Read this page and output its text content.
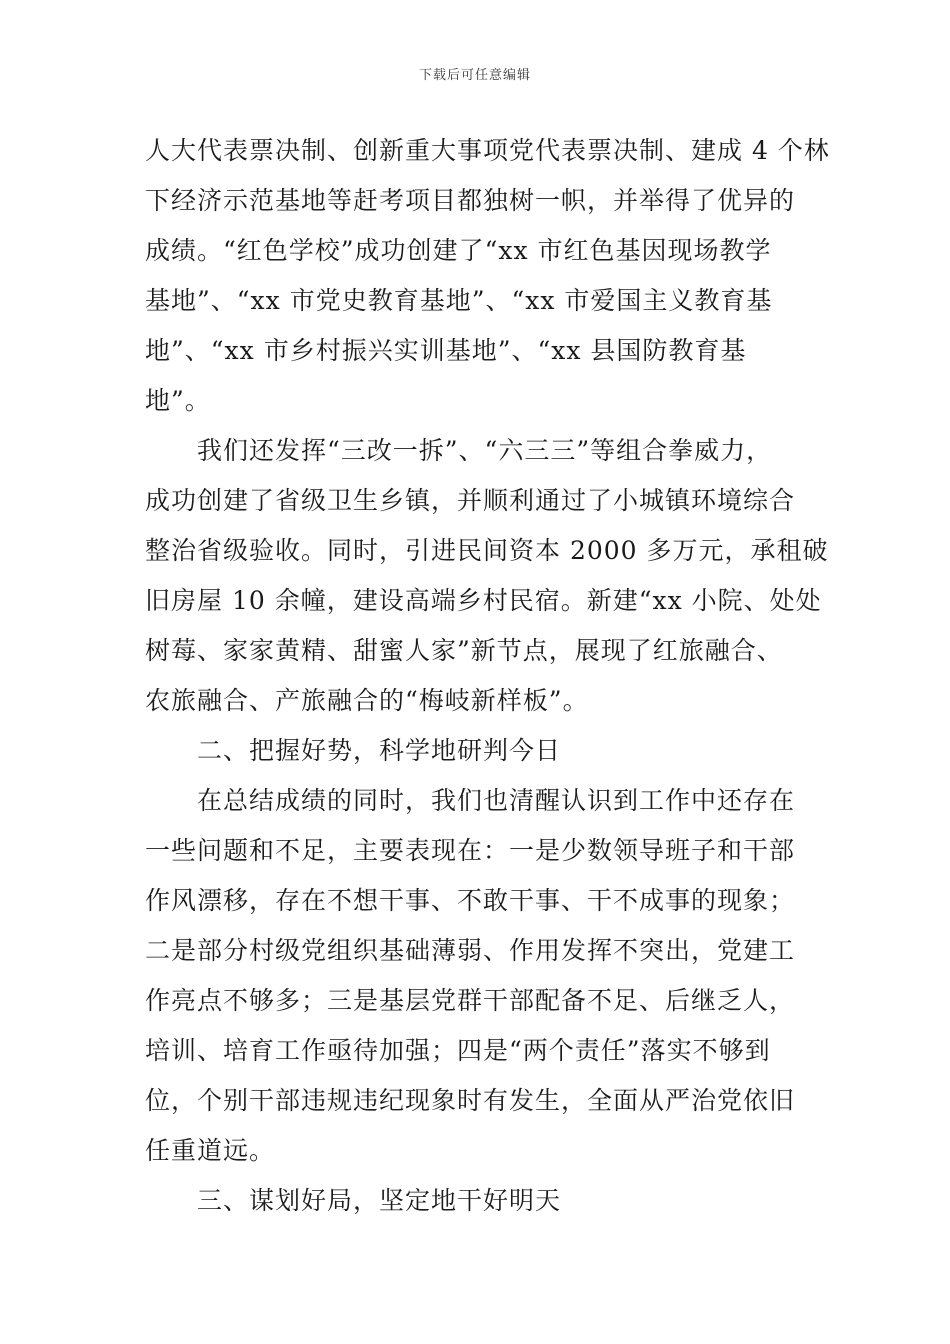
下载后可任意编辑

人大代表票决制、创新重大事项党代表票决制、建成 4 个林
下经济示范基地等赶考项目都独树一帜，并举得了优异的
成绩。“红色学校”成功创建了“xx 市红色基因现场教学
基地”、“xx 市党史教育基地”、“xx 市爱国主义教育基
地”、“xx 市乡村振兴实训基地”、“xx 县国防教育基
地”。

我们还发挥“三改一拆”、“六三三”等组合拳威力，
成功创建了省级卫生乡镇，并顺利通过了小城镇环境综合
整治省级验收。同时，引进民间资本 2000 多万元，承租破
旧房屋 10 余幢，建设高端乡村民宿。新建“xx 小院、处处
树莓、家家黄精、甜蜜人家”新节点，展现了红旅融合、
农旅融合、产旅融合的“梅岐新样板”。

二、把握好势，科学地研判今日

在总结成绩的同时，我们也清醒认识到工作中还存在
一些问题和不足，主要表现在：一是少数领导班子和干部
作风漂移，存在不想干事、不敢干事、干不成事的现象；
二是部分村级党组织基础薄弱、作用发挥不突出，党建工
作亮点不够多；三是基层党群干部配备不足、后继乏人，
培训、培育工作亟待加强；四是“两个责任”落实不够到
位，个别干部违规违纪现象时有发生，全面从严治党依旧
任重道远。

三、谋划好局，坚定地干好明天
